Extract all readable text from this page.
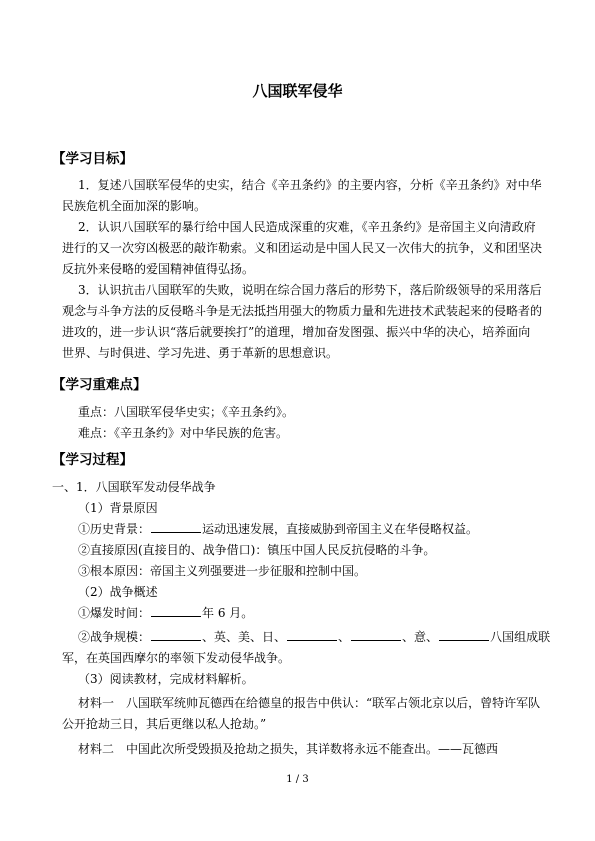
八国联军侵华
【学习目标】
1．复述八国联军侵华的史实，结合《辛丑条约》的主要内容，分析《辛丑条约》对中华
民族危机全面加深的影响。
2．认识八国联军的暴行给中国人民造成深重的灾难，《辛丑条约》是帝国主义向清政府
进行的又一次穷凶极恶的敲诈勒索。义和团运动是中国人民又一次伟大的抗争，义和团坚决
反抗外来侵略的爱国精神值得弘扬。
3．认识抗击八国联军的失败，说明在综合国力落后的形势下，落后阶级领导的采用落后
观念与斗争方法的反侵略斗争是无法抵挡用强大的物质力量和先进技术武装起来的侵略者的
进攻的，进一步认识“落后就要挨打”的道理，增加奋发图强、振兴中华的决心，培养面向
世界、与时俱进、学习先进、勇于革新的思想意识。
【学习重难点】
重点：八国联军侵华史实；《辛丑条约》。
难点：《辛丑条约》对中华民族的危害。
【学习过程】
一、1．八国联军发动侵华战争
（1）背景原因
①历史背景：	运动迅速发展，直接威胁到帝国主义在华侵略权益。
②直接原因(直接目的、战争借口)：镇压中国人民反抗侵略的斗争。
③根本原因：帝国主义列强要进一步征服和控制中国。
（2）战争概述
①爆发时间：	年 6 月。
②战争规模：	、英、美、日、	、	、意、	八国组成联
军，在英国西摩尔的率领下发动侵华战争。
（3）阅读教材，完成材料解析。
材料一　八国联军统帅瓦德西在给德皇的报告中供认：“联军占领北京以后，曾特许军队
公开抢劫三日，其后更继以私人抢劫。”
材料二　中国此次所受毁损及抢劫之损失，其详数将永远不能查出。——瓦德西
1 / 3
